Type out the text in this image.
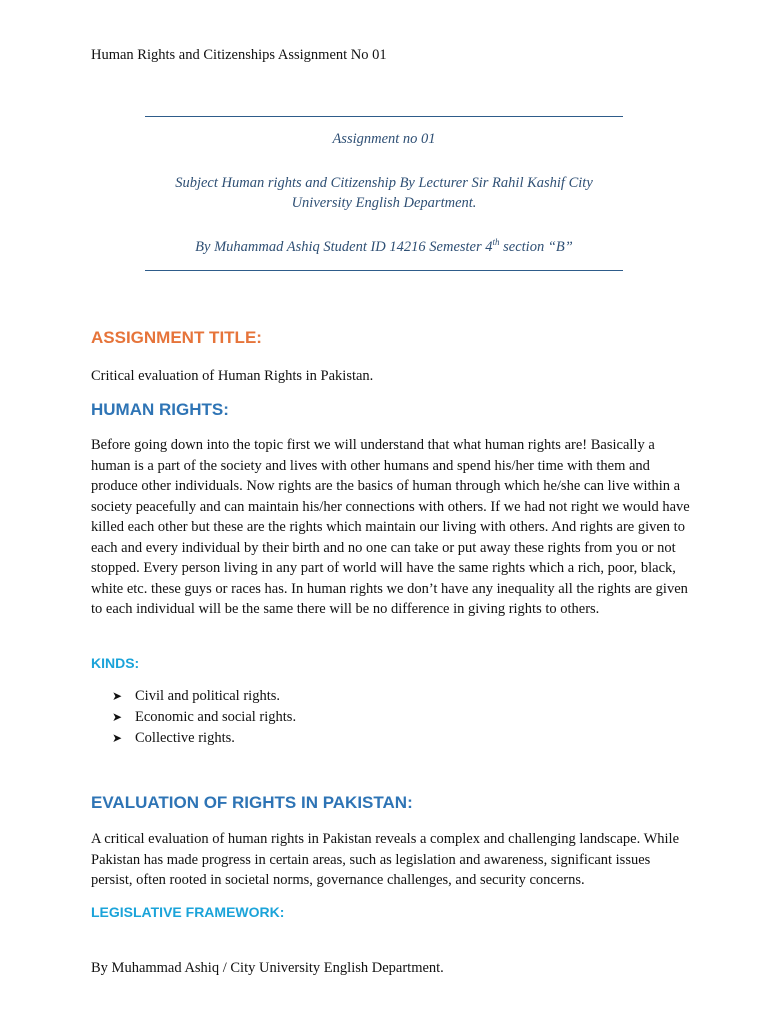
Human Rights and Citizenships Assignment No 01
Assignment no 01
Subject Human rights and Citizenship By Lecturer Sir Rahil Kashif City University English Department.
By Muhammad Ashiq Student ID 14216 Semester 4th section “B”
ASSIGNMENT TITLE:
Critical evaluation of Human Rights in Pakistan.
HUMAN RIGHTS:
Before going down into the topic first we will understand that what human rights are! Basically a human is a part of the society and lives with other humans and spend his/her time with them and produce other individuals. Now rights are the basics of human through which he/she can live within a society peacefully and can maintain his/her connections with others. If we had not right we would have killed each other but these are the rights which maintain our living with others. And rights are given to each and every individual by their birth and no one can take or put away these rights from you or not stopped. Every person living in any part of world will have the same rights which a rich, poor, black, white etc. these guys or races has. In human rights we don’t have any inequality all the rights are given to each individual will be the same there will be no difference in giving rights to others.
KINDS:
➤ Civil and political rights.
➤ Economic and social rights.
➤ Collective rights.
EVALUATION OF RIGHTS IN PAKISTAN:
A critical evaluation of human rights in Pakistan reveals a complex and challenging landscape. While Pakistan has made progress in certain areas, such as legislation and awareness, significant issues persist, often rooted in societal norms, governance challenges, and security concerns.
LEGISLATIVE FRAMEWORK:
By Muhammad Ashiq / City University English Department.
